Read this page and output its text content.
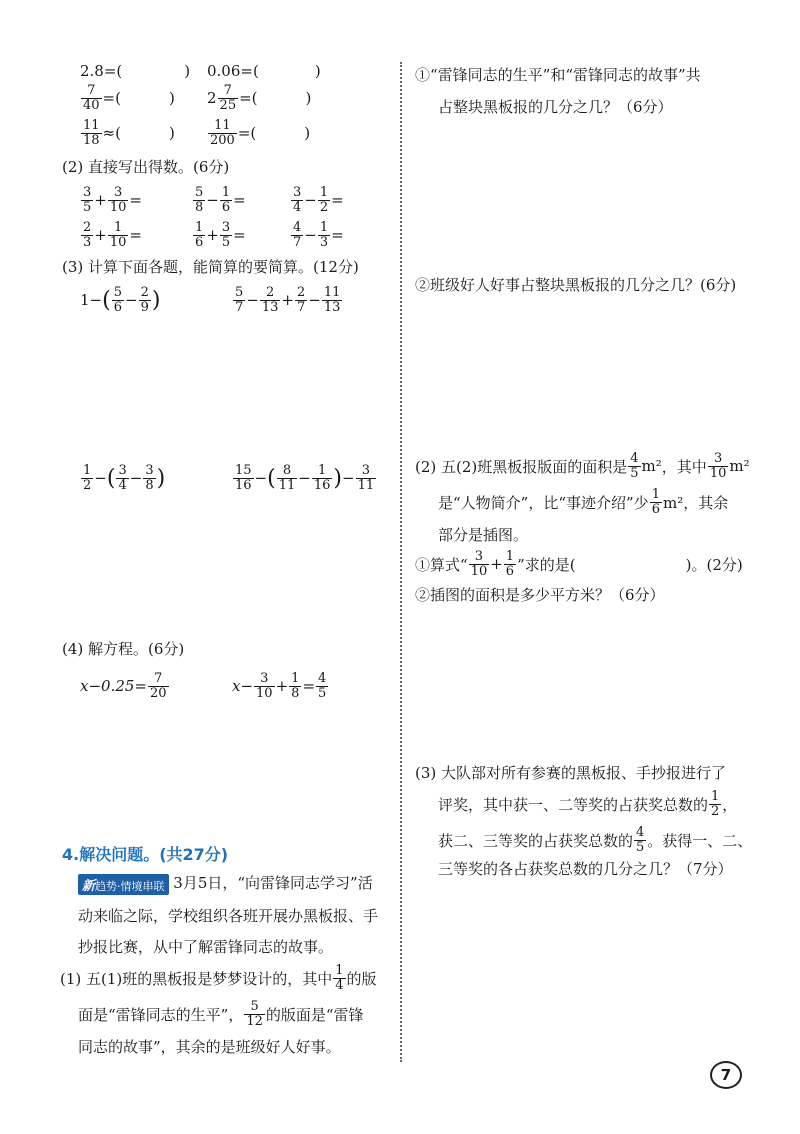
2.8=(	) 0.06=(	)
$\frac{7}{40}$ =(	) $2 \frac{7}{25}$ =(	)
$\frac{11}{18}$ ≈(	)	$\frac{11}{200}$ =(	)
(2) 直接写出得数。(6分)
$\frac{3}{5} + \frac{3}{10}$ =	$\frac{5}{8} - \frac{1}{6}$ =	$\frac{3}{4} - \frac{1}{2}$ =
$\frac{2}{3} + \frac{1}{10}$ =	$\frac{1}{6} + \frac{3}{5}$ =	$\frac{4}{7} - \frac{1}{3}$ =
(3) 计算下面各题，能简算的要简算。(12分)
1− ( $\frac{5}{6} - \frac{2}{9}$ )	$\frac{5}{7} - \frac{2}{13} + \frac{2}{7} - \frac{11}{13}$
$\frac{1}{2}$ − ( $\frac{3}{4} - \frac{3}{8}$ )	$\frac{15}{16}$ − ( $\frac{8}{11} - \frac{1}{16}$ ) − $\frac{3}{11}$
(4) 解方程。(6分)
$x-0.25= \frac{7}{20}$	$x- \frac{3}{10} + \frac{1}{8} = \frac{4}{5}$
4.解决问题。(共27分)
新趋势·情境串联 3月5日，“向雷锋同志学习”活
动来临之际，学校组织各班开展办黑板报、手
抄报比赛，从中了解雷锋同志的故事。
(1) 五(1)班的黑板报是梦梦设计的，其中 $\frac{1}{4}$ 的版
面是“雷锋同志的生平”， $\frac{5}{12}$ 的版面是“雷锋
同志的故事”，其余的是班级好人好事。
①“雷锋同志的生平”和“雷锋同志的故事”共
占整块黑板报的几分之几？（6分）
②班级好人好事占整块黑板报的几分之几？(6分)
(2) 五(2)班黑板报版面的面积是 $\frac{4}{5} m^2$ ，其中 $\frac{3}{10} m^2$
是“人物简介”，比“事迹介绍”少 $\frac{1}{6} m^2$，其余
部分是插图。
①算式“ $\frac{3}{10} + \frac{1}{6}$ ”求的是(	)。(2分)
②插图的面积是多少平方米？（6分）
(3) 大队部对所有参赛的黑板报、手抄报进行了
评奖，其中获一、二等奖的占获奖总数的 $\frac{1}{2}$ ，
获二、三等奖的占获奖总数的 $\frac{4}{5}$ 。获得一、二、
三等奖的各占获奖总数的几分之几？（7分）
7
